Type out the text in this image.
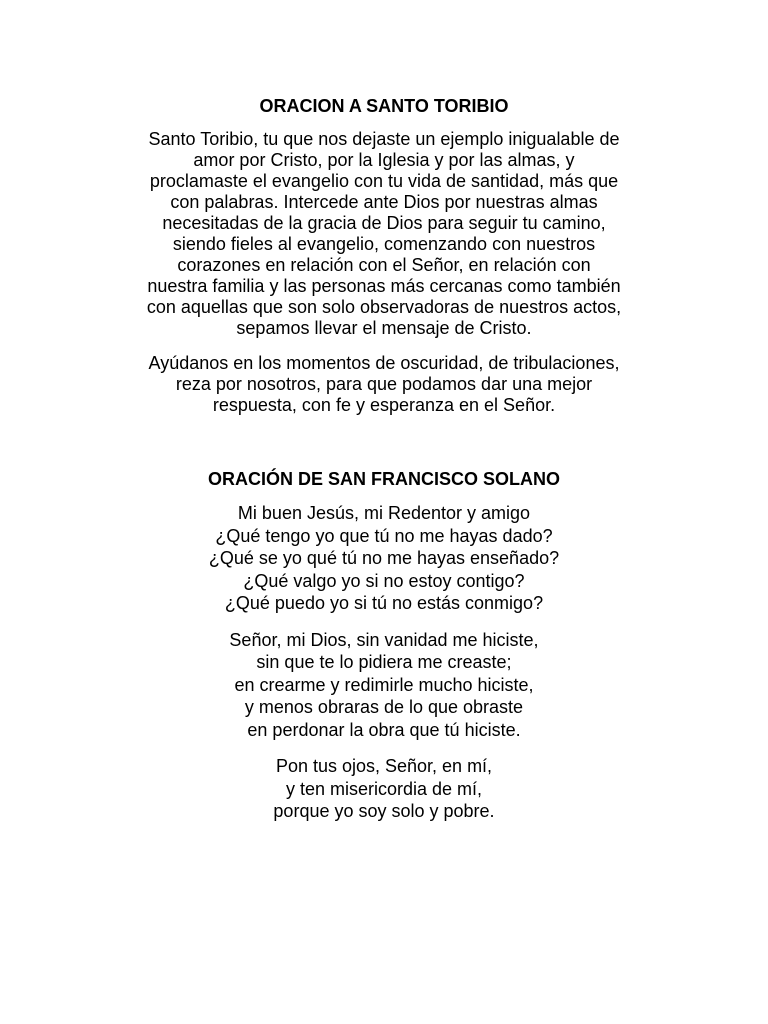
ORACION A SANTO TORIBIO
Santo Toribio, tu que nos dejaste un ejemplo inigualable de
amor por Cristo, por la Iglesia y por las almas, y
proclamaste el evangelio con tu vida de santidad, más que
con palabras. Intercede ante Dios por nuestras almas
necesitadas de la gracia de Dios para seguir tu camino,
siendo fieles al evangelio, comenzando con nuestros
corazones en relación con el Señor, en relación con
nuestra familia y las personas más cercanas como también
con aquellas que son solo observadoras de nuestros actos,
sepamos llevar el mensaje de Cristo.
Ayúdanos en los momentos de oscuridad, de tribulaciones,
reza por nosotros, para que podamos dar una mejor
respuesta, con fe y esperanza en el Señor.
ORACIÓN DE SAN FRANCISCO SOLANO
Mi buen Jesús, mi Redentor y amigo
¿Qué tengo yo que tú no me hayas dado?
¿Qué se yo qué tú no me hayas enseñado?
¿Qué valgo yo si no estoy contigo?
¿Qué puedo yo si tú no estás conmigo?
Señor, mi Dios, sin vanidad me hiciste,
sin que te lo pidiera me creaste;
en crearme y redimirle mucho hiciste,
y menos obraras de lo que obraste
en perdonar la obra que tú hiciste.
Pon tus ojos, Señor, en mí,
y ten misericordia de mí,
porque yo soy solo y pobre.
